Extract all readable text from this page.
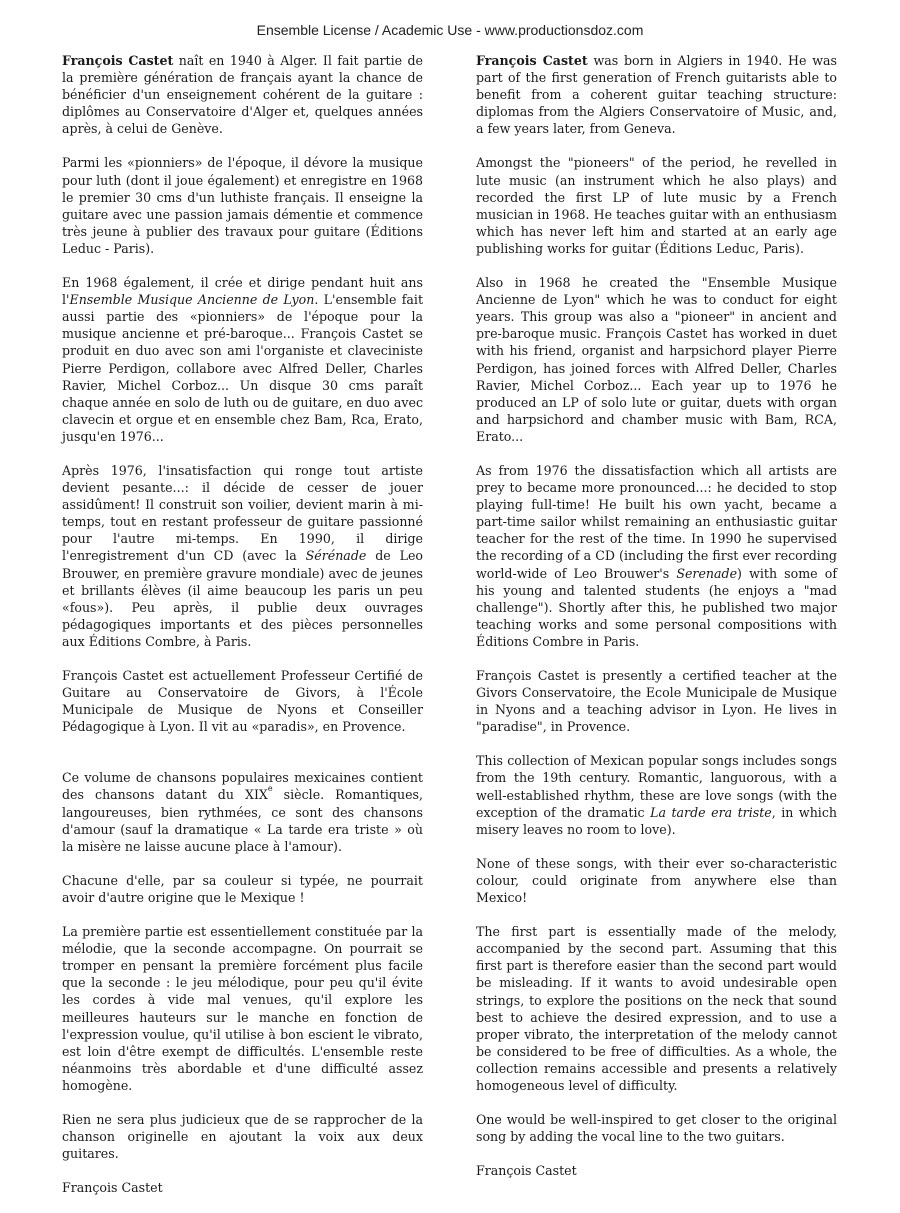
Ensemble License / Academic Use - www.productionsdoz.com

François Castet naît en 1940 à Alger. Il fait partie de la première génération de français ayant la chance de bénéficier d'un enseignement cohérent de la guitare : diplômes au Conservatoire d'Alger et, quelques années après, à celui de Genève.

Parmi les «pionniers» de l'époque, il dévore la musique pour luth (dont il joue également) et enregistre en 1968 le premier 30 cms d'un luthiste français. Il enseigne la guitare avec une passion jamais démentie et commence très jeune à publier des travaux pour guitare (Éditions Leduc - Paris).

En 1968 également, il crée et dirige pendant huit ans l'Ensemble Musique Ancienne de Lyon. L'ensemble fait aussi partie des «pionniers» de l'époque pour la musique ancienne et pré-baroque... François Castet se produit en duo avec son ami l'organiste et claveciniste Pierre Perdigon, collabore avec Alfred Deller, Charles Ravier, Michel Corboz... Un disque 30 cms paraît chaque année en solo de luth ou de guitare, en duo avec clavecin et orgue et en ensemble chez Bam, Rca, Erato, jusqu'en 1976...

Après 1976, l'insatisfaction qui ronge tout artiste devient pesante...: il décide de cesser de jouer assidûment! Il construit son voilier, devient marin à mi-temps, tout en restant professeur de guitare passionné pour l'autre mi-temps. En 1990, il dirige l'enregistrement d'un CD (avec la Sérénade de Leo Brouwer, en première gravure mondiale) avec de jeunes et brillants élèves (il aime beaucoup les paris un peu «fous»). Peu après, il publie deux ouvrages pédagogiques importants et des pièces personnelles aux Éditions Combre, à Paris.

François Castet est actuellement Professeur Certifié de Guitare au Conservatoire de Givors, à l'École Municipale de Musique de Nyons et Conseiller Pédagogique à Lyon. Il vit au «paradis», en Provence.

Ce volume de chansons populaires mexicaines contient des chansons datant du XIXe siècle. Romantiques, langoureuses, bien rythmées, ce sont des chansons d'amour (sauf la dramatique « La tarde era triste » où la misère ne laisse aucune place à l'amour).

Chacune d'elle, par sa couleur si typée, ne pourrait avoir d'autre origine que le Mexique !

La première partie est essentiellement constituée par la mélodie, que la seconde accompagne. On pourrait se tromper en pensant la première forcément plus facile que la seconde : le jeu mélodique, pour peu qu'il évite les cordes à vide mal venues, qu'il explore les meilleures hauteurs sur le manche en fonction de l'expression voulue, qu'il utilise à bon escient le vibrato, est loin d'être exempt de difficultés. L'ensemble reste néanmoins très abordable et d'une difficulté assez homogène.

Rien ne sera plus judicieux que de se rapprocher de la chanson originelle en ajoutant la voix aux deux guitares.

François Castet

François Castet was born in Algiers in 1940. He was part of the first generation of French guitarists able to benefit from a coherent guitar teaching structure: diplomas from the Algiers Conservatoire of Music, and, a few years later, from Geneva.

Amongst the "pioneers" of the period, he revelled in lute music (an instrument which he also plays) and recorded the first LP of lute music by a French musician in 1968. He teaches guitar with an enthusiasm which has never left him and started at an early age publishing works for guitar (Éditions Leduc, Paris).

Also in 1968 he created the "Ensemble Musique Ancienne de Lyon" which he was to conduct for eight years. This group was also a "pioneer" in ancient and pre-baroque music. François Castet has worked in duet with his friend, organist and harpsichord player Pierre Perdigon, has joined forces with Alfred Deller, Charles Ravier, Michel Corboz... Each year up to 1976 he produced an LP of solo lute or guitar, duets with organ and harpsichord and chamber music with Bam, RCA, Erato...

As from 1976 the dissatisfaction which all artists are prey to became more pronounced...: he decided to stop playing full-time! He built his own yacht, became a part-time sailor whilst remaining an enthusiastic guitar teacher for the rest of the time. In 1990 he supervised the recording of a CD (including the first ever recording world-wide of Leo Brouwer's Serenade) with some of his young and talented students (he enjoys a "mad challenge"). Shortly after this, he published two major teaching works and some personal compositions with Éditions Combre in Paris.

François Castet is presently a certified teacher at the Givors Conservatoire, the Ecole Municipale de Musique in Nyons and a teaching advisor in Lyon. He lives in "paradise", in Provence.

This collection of Mexican popular songs includes songs from the 19th century. Romantic, languorous, with a well-established rhythm, these are love songs (with the exception of the dramatic La tarde era triste, in which misery leaves no room to love).

None of these songs, with their ever so-characteristic colour, could originate from anywhere else than Mexico!

The first part is essentially made of the melody, accompanied by the second part. Assuming that this first part is therefore easier than the second part would be misleading. If it wants to avoid undesirable open strings, to explore the positions on the neck that sound best to achieve the desired expression, and to use a proper vibrato, the interpretation of the melody cannot be considered to be free of difficulties. As a whole, the collection remains accessible and presents a relatively homogeneous level of difficulty.

One would be well-inspired to get closer to the original song by adding the vocal line to the two guitars.

François Castet
